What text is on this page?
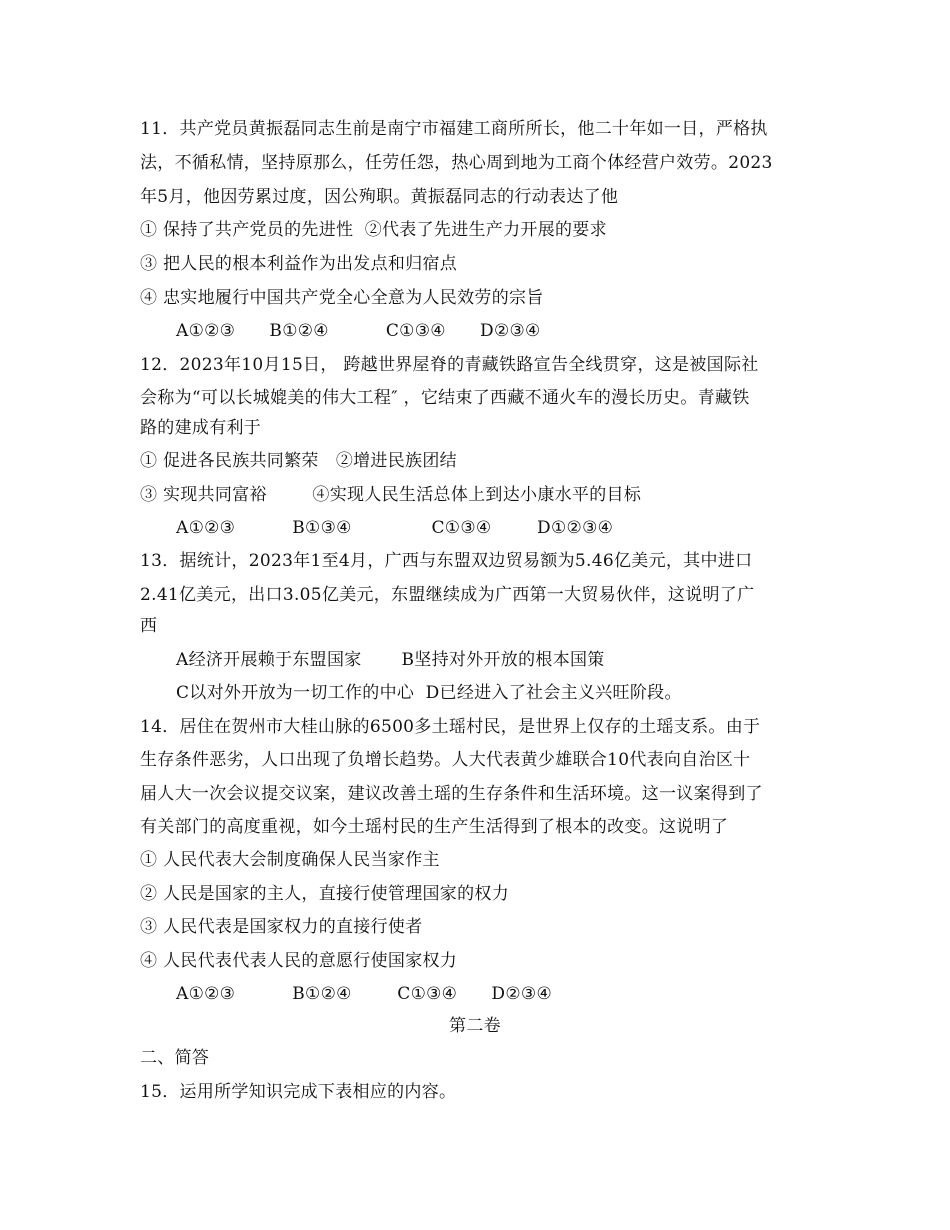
11．共产党员黄振磊同志生前是南宁市福建工商所所长，他二十年如一日，严格执
法，不循私情，坚持原那么，任劳任怨，热心周到地为工商个体经营户效劳。2023
年5月，他因劳累过度，因公殉职。黄振磊同志的行动表达了他
① 保持了共产党员的先进性  ②代表了先进生产力开展的要求
③ 把人民的根本利益作为出发点和归宿点
④ 忠实地履行中国共产党全心全意为人民效劳的宗旨
A①②③      B①②④          C①③④      D②③④
12．2023年10月15日， 跨越世界屋脊的青藏铁路宣告全线贯穿，这是被国际社
会称为“可以长城媲美的伟大工程″ ，它结束了西藏不通火车的漫长历史。青藏铁
路的建成有利于
① 促进各民族共同繁荣   ②增进民族团结
③ 实现共同富裕        ④实现人民生活总体上到达小康水平的目标
A①②③          B①③④              C①③④        D①②③④
13．据统计，2023年1至4月，广西与东盟双边贸易额为5.46亿美元，其中进口
2.41亿美元，出口3.05亿美元，东盟继续成为广西第一大贸易伙伴，这说明了广
西
A经济开展赖于东盟国家       B坚持对外开放的根本国策
C以对外开放为一切工作的中心  D已经进入了社会主义兴旺阶段。
14．居住在贺州市大桂山脉的6500多土瑶村民，是世界上仅存的土瑶支系。由于
生存条件恶劣，人口出现了负增长趋势。人大代表黄少雄联合10代表向自治区十
届人大一次会议提交议案，建议改善土瑶的生存条件和生活环境。这一议案得到了
有关部门的高度重视，如今土瑶村民的生产生活得到了根本的改变。这说明了
① 人民代表大会制度确保人民当家作主
② 人民是国家的主人，直接行使管理国家的权力
③ 人民代表是国家权力的直接行使者
④ 人民代表代表人民的意愿行使国家权力
A①②③          B①②④        C①③④      D②③④
第二卷
二、简答
15．运用所学知识完成下表相应的内容。
